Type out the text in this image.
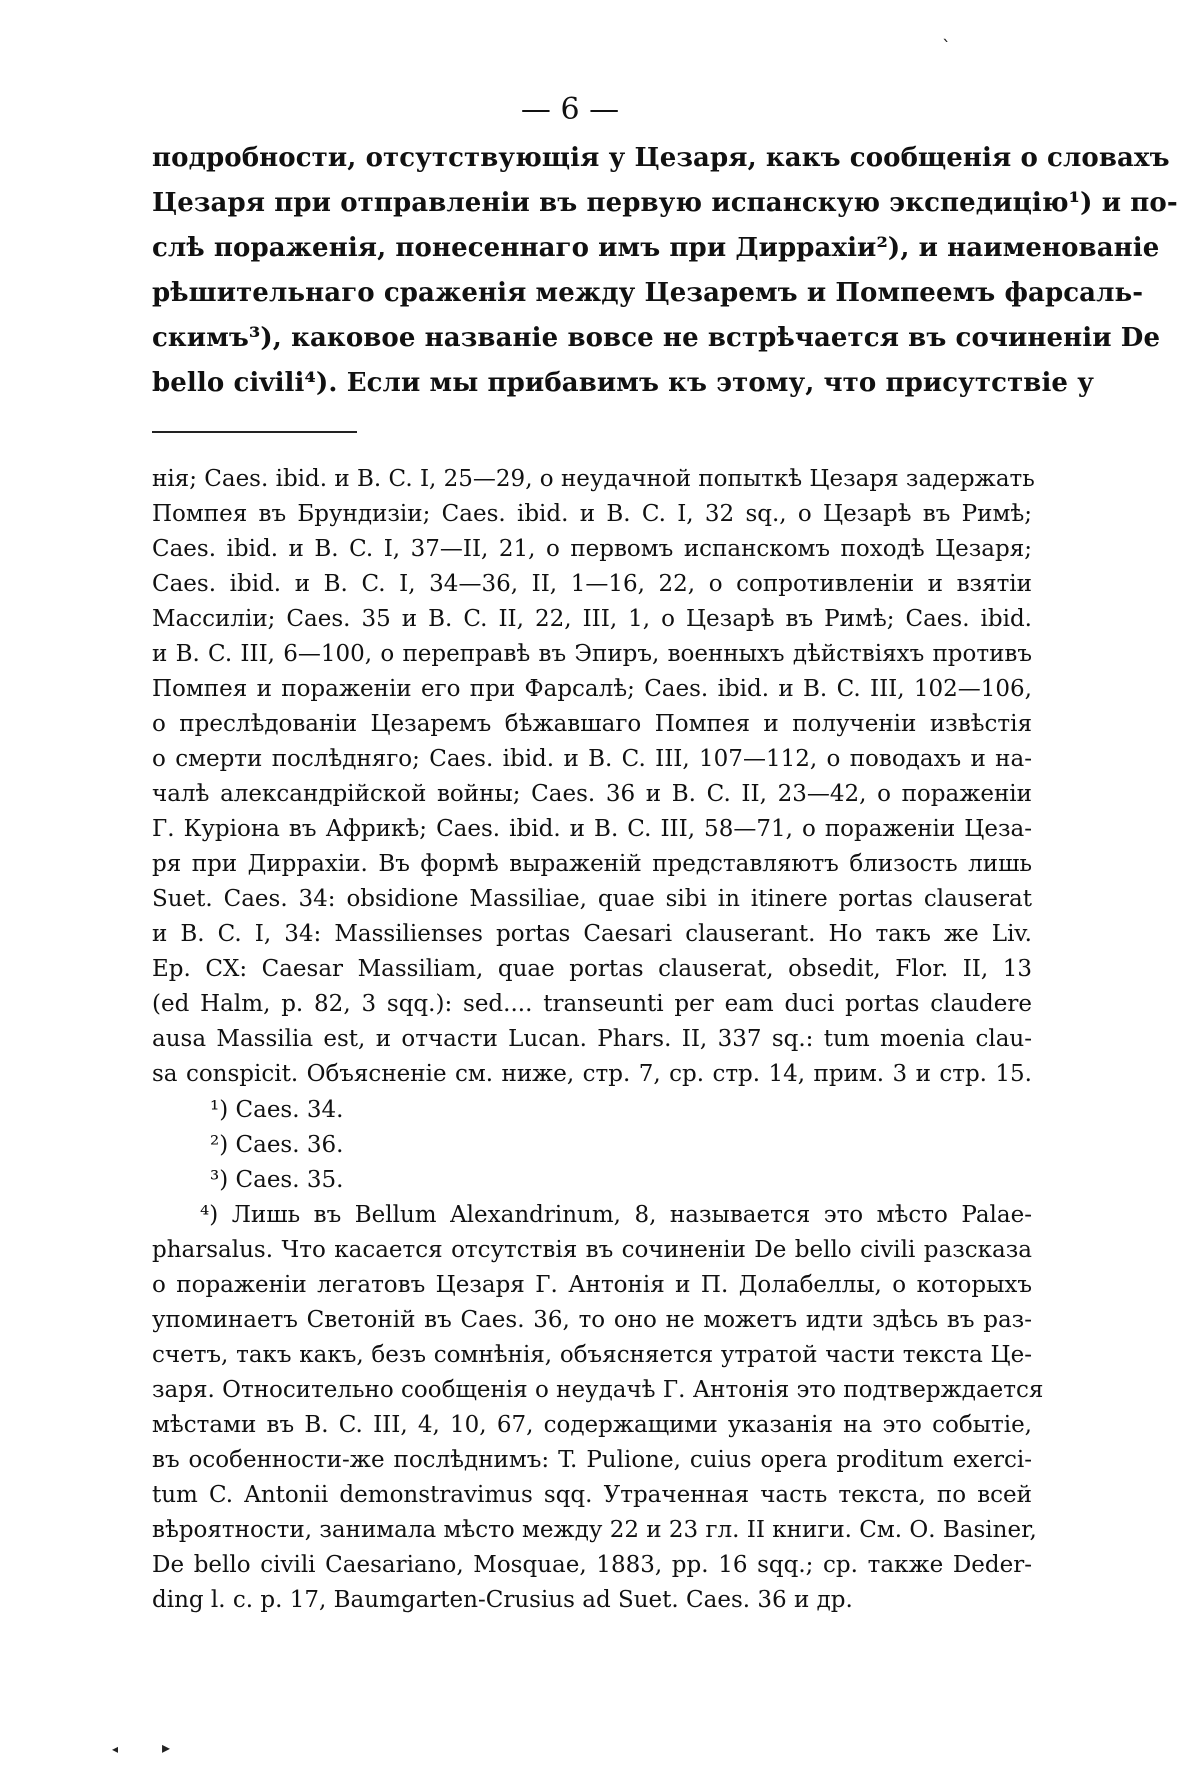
— 6 —
подробности, отсутствующія у Цезаря, какъ сообщенія о словахъ
Цезаря при отправленіи въ первую испанскую экспедицію¹) и по-
слѣ пораженія, понесеннаго имъ при Диррахіи²), и наименованіе
рѣшительнаго сраженія между Цезаремъ и Помпеемъ фарсаль-
скимъ³), каковое названіе вовсе не встрѣчается въ сочиненіи De
bello civili⁴). Если мы прибавимъ къ этому, что присутствіе у
нія; Caes. ibid. и B. C. I, 25—29, о неудачной попыткѣ Цезаря задержать
Помпея въ Брундизіи; Caes. ibid. и B. C. I, 32 sq., о Цезарѣ въ Римѣ;
Caes. ibid. и B. C. I, 37—II, 21, о первомъ испанскомъ походѣ Цезаря;
Caes. ibid. и B. C. I, 34—36, II, 1—16, 22, о сопротивленіи и взятіи
Массиліи; Caes. 35 и B. C. II, 22, III, 1, о Цезарѣ въ Римѣ; Caes. ibid.
и B. C. III, 6—100, о переправѣ въ Эпиръ, военныхъ дѣйствіяхъ противъ
Помпея и пораженіи его при Фарсалѣ; Caes. ibid. и B. C. III, 102—106,
о преслѣдованіи Цезаремъ бѣжавшаго Помпея и полученіи извѣстія
о смерти послѣдняго; Caes. ibid. и B. C. III, 107—112, о поводахъ и на-
чалѣ александрійской войны; Caes. 36 и B. C. II, 23—42, о пораженіи
Г. Куріона въ Африкѣ; Caes. ibid. и B. C. III, 58—71, о пораженіи Цеза-
ря при Диррахіи. Въ формѣ выраженій представляютъ близость лишь
Suet. Caes. 34: obsidione Massiliae, quae sibi in itinere portas clauserat
и B. C. I, 34: Massilienses portas Caesari clauserant. Но такъ же Liv.
Ep. CX: Caesar Massiliam, quae portas clauserat, obsedit, Flor. II, 13
(ed Halm, p. 82, 3 sqq.): sed.... transeunti per eam duci portas claudere
ausa Massilia est, и отчасти Lucan. Phars. II, 337 sq.: tum moenia clau-
sa conspicit. Объясненіе см. ниже, стр. 7, ср. стр. 14, прим. 3 и стр. 15.
¹) Caes. 34.
²) Caes. 36.
³) Caes. 35.
⁴) Лишь въ Bellum Alexandrinum, 8, называется это мѣсто Palae-
pharsalus. Что касается отсутствія въ сочиненіи De bello civili разсказа
о пораженіи легатовъ Цезаря Г. Антонія и П. Долабеллы, о которыхъ
упоминаетъ Светоній въ Caes. 36, то оно не можетъ идти здѣсь въ раз-
счетъ, такъ какъ, безъ сомнѣнія, объясняется утратой части текста Це-
заря. Относительно сообщенія о неудачѣ Г. Антонія это подтверждается
мѣстами въ B. C. III, 4, 10, 67, содержащими указанія на это событіе,
въ особенности-же послѣднимъ: T. Pulione, cuius opera proditum exerci-
tum C. Antonii demonstravimus sqq. Утраченная часть текста, по всей
вѣроятности, занимала мѣсто между 22 и 23 гл. II книги. См. О. Basiner,
De bello civili Caesariano, Mosquae, 1883, pp. 16 sqq.; ср. также Deder-
ding l. c. p. 17, Baumgarten-Crusius ad Suet. Caes. 36 и др.
ˎ
◂	▸
